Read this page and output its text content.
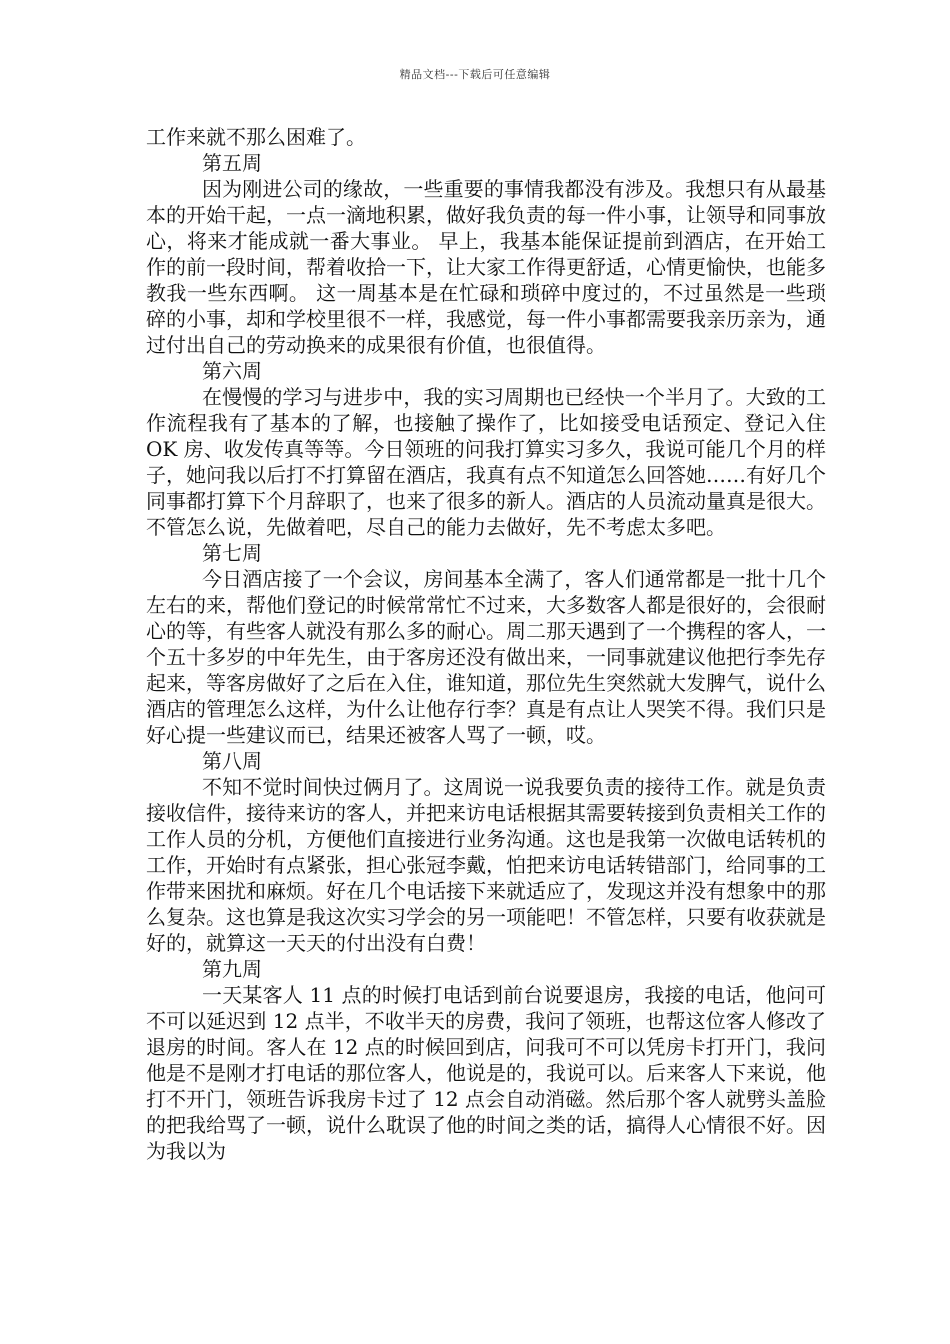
精品文档---下载后可任意编辑

工作来就不那么困难了。

第五周

因为刚进公司的缘故，一些重要的事情我都没有涉及。我想只有从最基本的开始干起，一点一滴地积累，做好我负责的每一件小事，让领导和同事放心，将来才能成就一番大事业。 早上，我基本能保证提前到酒店，在开始工作的前一段时间，帮着收拾一下，让大家工作得更舒适，心情更愉快，也能多教我一些东西啊。 这一周基本是在忙碌和琐碎中度过的，不过虽然是一些琐碎的小事，却和学校里很不一样，我感觉，每一件小事都需要我亲历亲为，通过付出自己的劳动换来的成果很有价值，也很值得。

第六周

在慢慢的学习与进步中，我的实习周期也已经快一个半月了。大致的工作流程我有了基本的了解，也接触了操作了，比如接受电话预定、登记入住 OK 房、收发传真等等。今日领班的问我打算实习多久，我说可能几个月的样子，她问我以后打不打算留在酒店，我真有点不知道怎么回答她……有好几个同事都打算下个月辞职了，也来了很多的新人。酒店的人员流动量真是很大。不管怎么说，先做着吧，尽自己的能力去做好，先不考虑太多吧。

第七周

今日酒店接了一个会议，房间基本全满了，客人们通常都是一批十几个左右的来，帮他们登记的时候常常忙不过来，大多数客人都是很好的，会很耐心的等，有些客人就没有那么多的耐心。周二那天遇到了一个携程的客人，一个五十多岁的中年先生，由于客房还没有做出来，一同事就建议他把行李先存起来，等客房做好了之后在入住，谁知道，那位先生突然就大发脾气，说什么酒店的管理怎么这样，为什么让他存行李？真是有点让人哭笑不得。我们只是好心提一些建议而已，结果还被客人骂了一顿，哎。

第八周

不知不觉时间快过俩月了。这周说一说我要负责的接待工作。就是负责接收信件，接待来访的客人，并把来访电话根据其需要转接到负责相关工作的工作人员的分机，方便他们直接进行业务沟通。这也是我第一次做电话转机的工作，开始时有点紧张，担心张冠李戴，怕把来访电话转错部门，给同事的工作带来困扰和麻烦。好在几个电话接下来就适应了，发现这并没有想象中的那么复杂。这也算是我这次实习学会的另一项能吧！不管怎样，只要有收获就是好的，就算这一天天的付出没有白费！

第九周

一天某客人 11 点的时候打电话到前台说要退房，我接的电话，他问可不可以延迟到 12 点半，不收半天的房费，我问了领班，也帮这位客人修改了退房的时间。客人在 12 点的时候回到店，问我可不可以凭房卡打开门，我问他是不是刚才打电话的那位客人，他说是的，我说可以。后来客人下来说，他打不开门，领班告诉我房卡过了 12 点会自动消磁。然后那个客人就劈头盖脸的把我给骂了一顿，说什么耽误了他的时间之类的话，搞得人心情很不好。因为我以为
